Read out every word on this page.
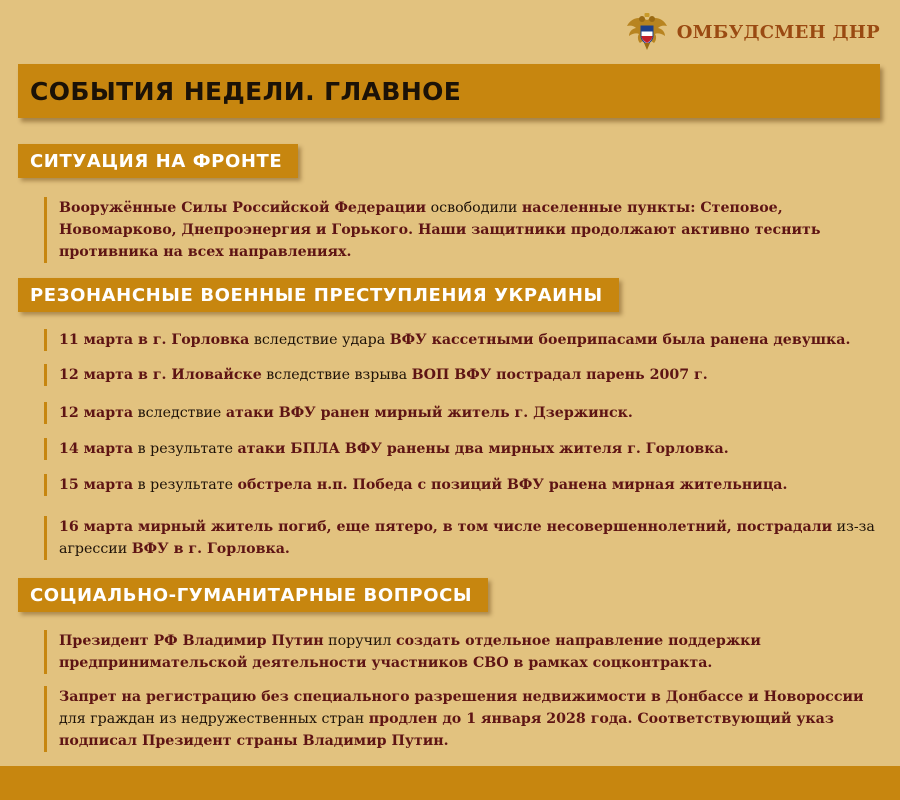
ОМБУДСМЕН ДНР
СОБЫТИЯ НЕДЕЛИ. ГЛАВНОЕ
СИТУАЦИЯ НА ФРОНТЕ
Вооружённые Силы Российской Федерации освободили населенные пункты: Степовое, Новомарково, Днепроэнергия и Горького. Наши защитники продолжают активно теснить противника на всех направлениях.
РЕЗОНАНСНЫЕ ВОЕННЫЕ ПРЕСТУПЛЕНИЯ УКРАИНЫ
11 марта в г. Горловка вследствие удара ВФУ кассетными боеприпасами была ранена девушка.
12 марта в г. Иловайске вследствие взрыва ВОП ВФУ пострадал парень 2007 г.
12 марта вследствие атаки ВФУ ранен мирный житель г. Дзержинск.
14 марта в результате атаки БПЛА ВФУ ранены два мирных жителя г. Горловка.
15 марта в результате обстрела н.п. Победа с позиций ВФУ ранена мирная жительница.
16 марта мирный житель погиб, еще пятеро, в том числе несовершеннолетний, пострадали из-за агрессии ВФУ в г. Горловка.
СОЦИАЛЬНО-ГУМАНИТАРНЫЕ ВОПРОСЫ
Президент РФ Владимир Путин поручил создать отдельное направление поддержки предпринимательской деятельности участников СВО в рамках соцконтракта.
Запрет на регистрацию без специального разрешения недвижимости в Донбассе и Новороссии для граждан из недружественных стран продлен до 1 января 2028 года. Соответствующий указ подписал Президент страны Владимир Путин.
